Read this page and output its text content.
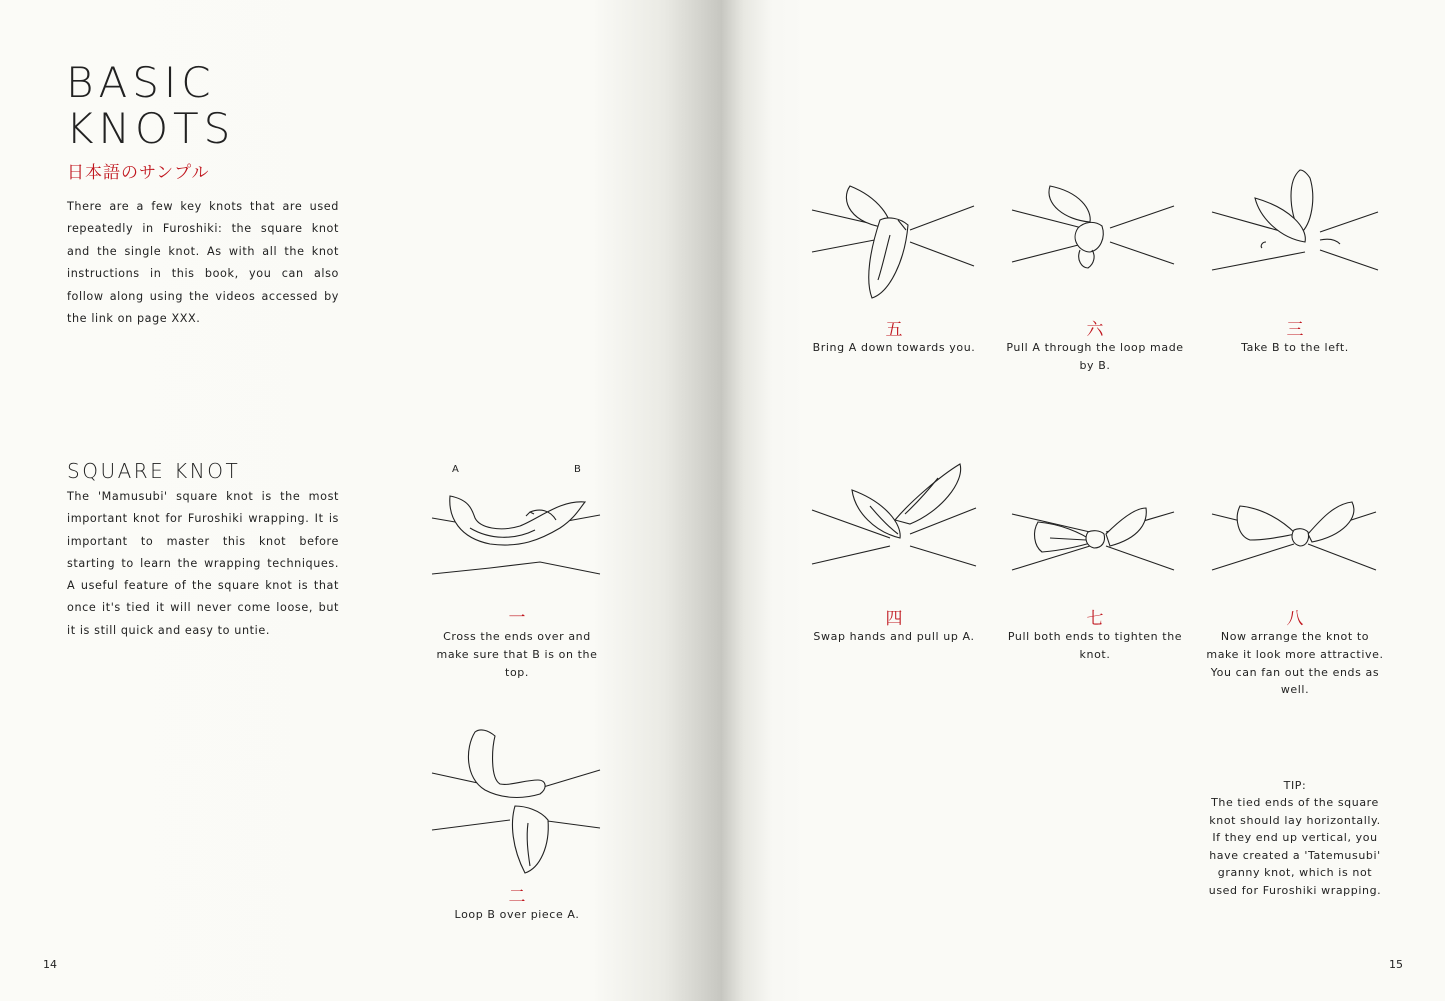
BASIC
KNOTS
日本語のサンプル

There are a few key knots that are used repeatedly in Furoshiki: the square knot and the single knot. As with all the knot instructions in this book, you can also follow along using the videos accessed by the link on page XXX.

SQUARE KNOT

The 'Mamusubi' square knot is the most important knot for Furoshiki wrapping. It is important to master this knot before starting to learn the wrapping techniques. A useful feature of the square knot is that once it's tied it will never come loose, but it is still quick and easy to untie.

A	B
一
Cross the ends over and make sure that B is on the top.
二
Loop B over piece A.
14
五
Bring A down towards you.
六
Pull A through the loop made by B.
三
Take B to the left.
四
Swap hands and pull up A.
七
Pull both ends to tighten the knot.
八
Now arrange the knot to make it look more attractive. You can fan out the ends as well.
TIP:
The tied ends of the square knot should lay horizontally. If they end up vertical, you have created a 'Tatemusubi' granny knot, which is not used for Furoshiki wrapping.
15
